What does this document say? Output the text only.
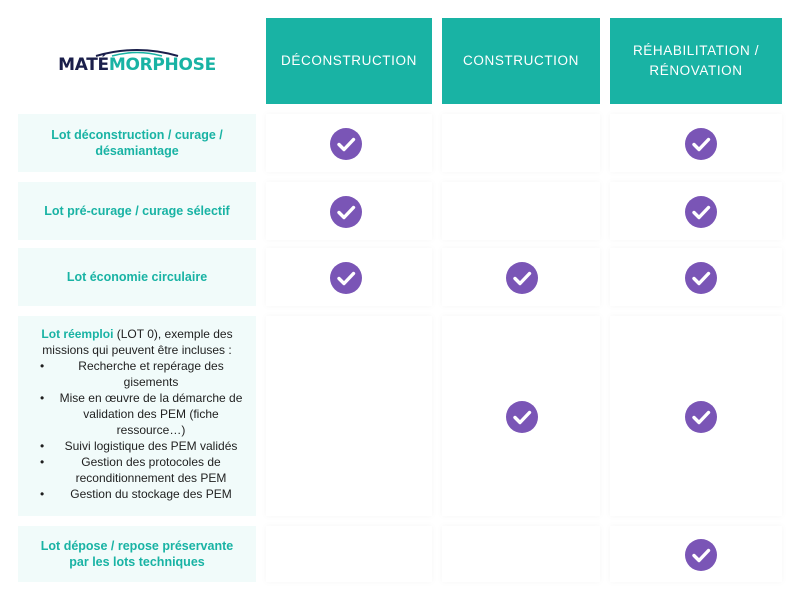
MATÉMORPHOSE	DÉCONSTRUCTION	CONSTRUCTION
RÉHABILITATION /
RÉNOVATION
Lot déconstruction / curage / désamiantage
Lot pré-curage / curage sélectif
Lot économie circulaire
Lot réemploi (LOT 0), exemple des missions qui peuvent être incluses :
• Recherche et repérage des gisements
• Mise en œuvre de la démarche de validation des PEM (fiche ressource…)
• Suivi logistique des PEM validés
• Gestion des protocoles de reconditionnement des PEM
• Gestion du stockage des PEM
Lot dépose / repose préservante par les lots techniques
